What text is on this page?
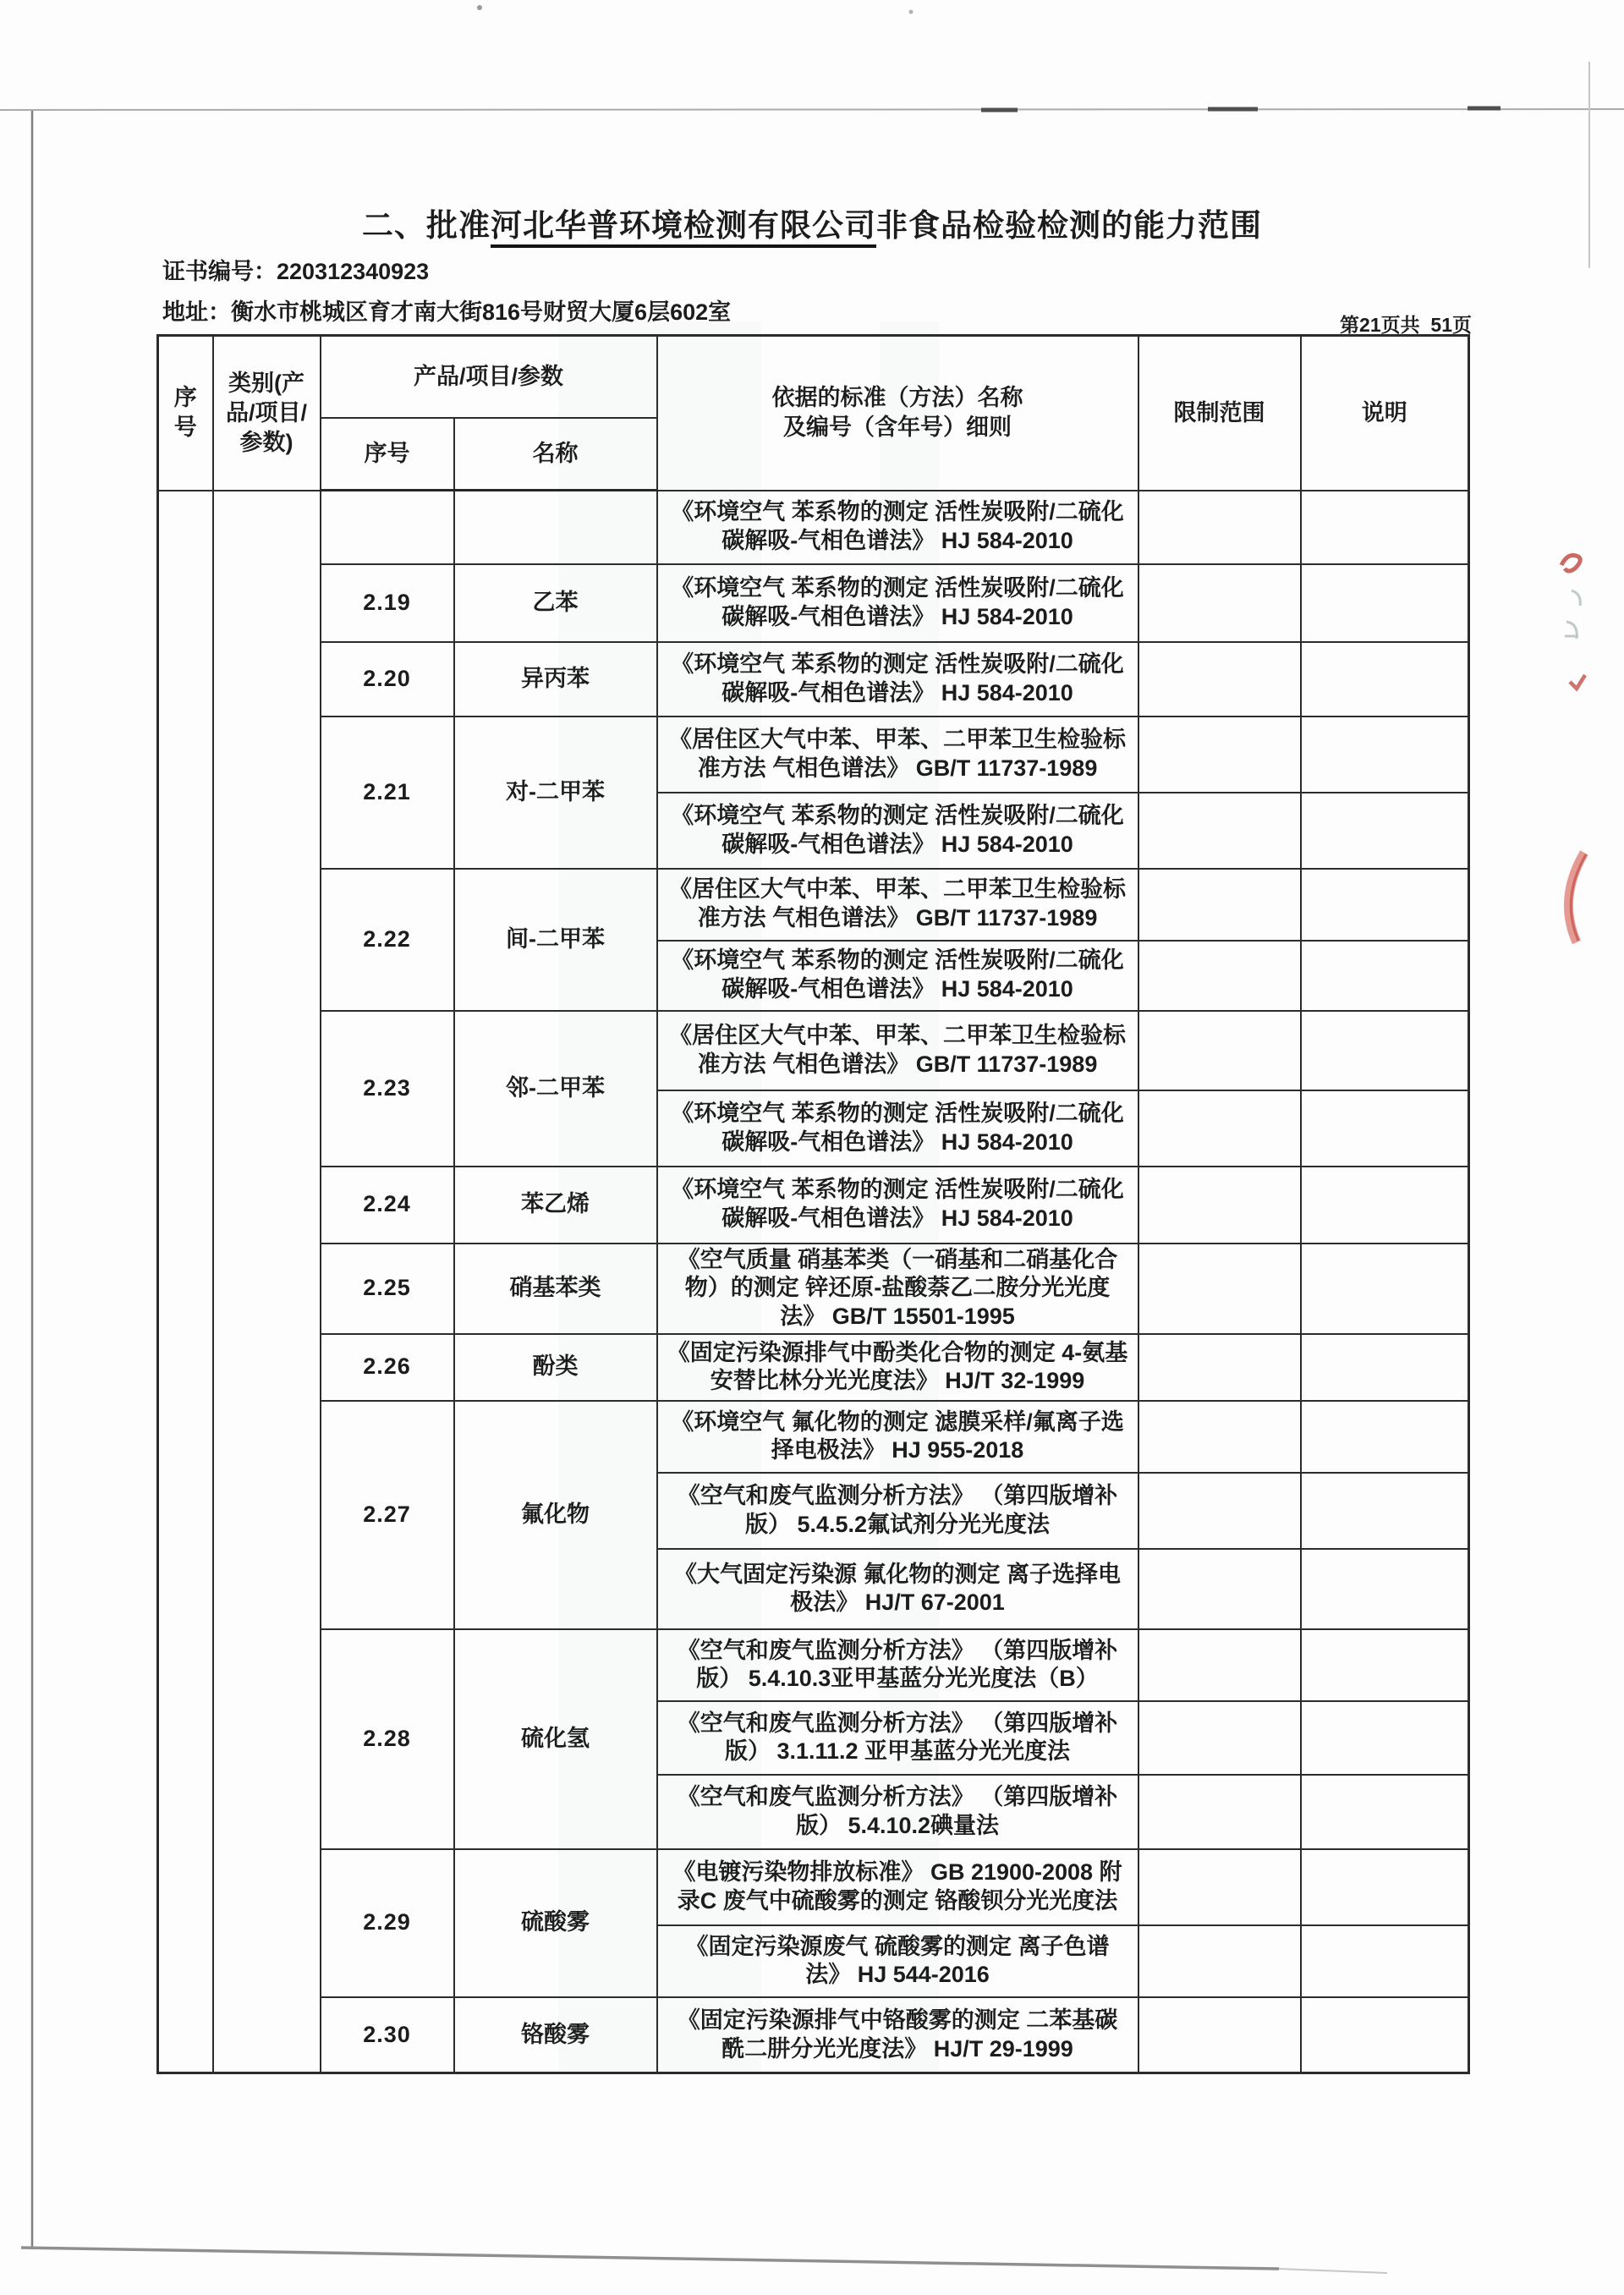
二、批准河北华普环境检测有限公司非食品检验检测的能力范围
证书编号：220312340923
地址：衡水市桃城区育才南大街816号财贸大厦6层602室	第21页共  51页
序号	类别(产品/项目/参数)	产品/项目/参数		依据的标准（方法）名称
及编号（含年号）细则	限制范围	说明
		序号	名称			
				《环境空气 苯系物的测定 活性炭吸附/二硫化碳解吸-气相色谱法》 HJ 584-2010		
		2.19	乙苯	《环境空气 苯系物的测定 活性炭吸附/二硫化碳解吸-气相色谱法》 HJ 584-2010		
		2.20	异丙苯	《环境空气 苯系物的测定 活性炭吸附/二硫化碳解吸-气相色谱法》 HJ 584-2010		
		2.21	对-二甲苯	《居住区大气中苯、甲苯、二甲苯卫生检验标准方法 气相色谱法》 GB/T 11737-1989		
				《环境空气 苯系物的测定 活性炭吸附/二硫化碳解吸-气相色谱法》 HJ 584-2010		
		2.22	间-二甲苯	《居住区大气中苯、甲苯、二甲苯卫生检验标准方法 气相色谱法》 GB/T 11737-1989		
				《环境空气 苯系物的测定 活性炭吸附/二硫化碳解吸-气相色谱法》 HJ 584-2010		
		2.23	邻-二甲苯	《居住区大气中苯、甲苯、二甲苯卫生检验标准方法 气相色谱法》 GB/T 11737-1989		
				《环境空气 苯系物的测定 活性炭吸附/二硫化碳解吸-气相色谱法》 HJ 584-2010		
		2.24	苯乙烯	《环境空气 苯系物的测定 活性炭吸附/二硫化碳解吸-气相色谱法》 HJ 584-2010		
		2.25	硝基苯类	《空气质量 硝基苯类（一硝基和二硝基化合物）的测定 锌还原-盐酸萘乙二胺分光光度法》 GB/T 15501-1995		
		2.26	酚类	《固定污染源排气中酚类化合物的测定 4-氨基安替比林分光光度法》 HJ/T 32-1999		
		2.27	氟化物	《环境空气 氟化物的测定 滤膜采样/氟离子选择电极法》 HJ 955-2018		
				《空气和废气监测分析方法》 （第四版增补版） 5.4.5.2氟试剂分光光度法		
				《大气固定污染源 氟化物的测定 离子选择电极法》 HJ/T 67-2001		
		2.28	硫化氢	《空气和废气监测分析方法》 （第四版增补版） 5.4.10.3亚甲基蓝分光光度法（B）		
				《空气和废气监测分析方法》 （第四版增补版） 3.1.11.2 亚甲基蓝分光光度法		
				《空气和废气监测分析方法》 （第四版增补版） 5.4.10.2碘量法		
		2.29	硫酸雾	《电镀污染物排放标准》 GB 21900-2008 附录C 废气中硫酸雾的测定 铬酸钡分光光度法		
				《固定污染源废气 硫酸雾的测定 离子色谱法》 HJ 544-2016		
		2.30	铬酸雾	《固定污染源排气中铬酸雾的测定 二苯基碳酰二肼分光光度法》 HJ/T 29-1999		
